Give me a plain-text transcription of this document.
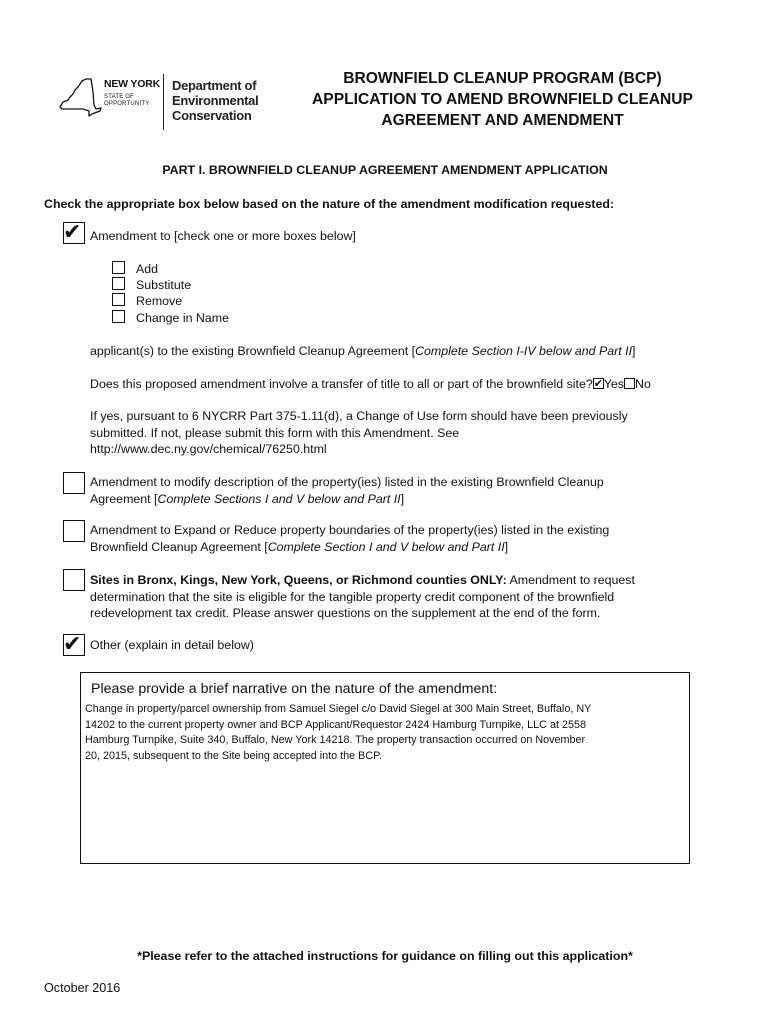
NEW YORK
STATE OF
OPPORTUNITY
Department of
Environmental
Conservation
BROWNFIELD CLEANUP PROGRAM (BCP)
APPLICATION TO AMEND BROWNFIELD CLEANUP
AGREEMENT AND AMENDMENT
PART I. BROWNFIELD CLEANUP AGREEMENT AMENDMENT APPLICATION
Check the appropriate box below based on the nature of the amendment modification requested:
✔ Amendment to [check one or more boxes below]
Add
Substitute
Remove
Change in Name
applicant(s) to the existing Brownfield Cleanup Agreement [Complete Section I-IV below and Part II]
Does this proposed amendment involve a transfer of title to all or part of the brownfield site?✔ Yes No
If yes, pursuant to 6 NYCRR Part 375-1.11(d), a Change of Use form should have been previously
submitted. If not, please submit this form with this Amendment. See
http://www.dec.ny.gov/chemical/76250.html
Amendment to modify description of the property(ies) listed in the existing Brownfield Cleanup
Agreement [Complete Sections I and V below and Part II]
Amendment to Expand or Reduce property boundaries of the property(ies) listed in the existing
Brownfield Cleanup Agreement [Complete Section I and V below and Part II]
Sites in Bronx, Kings, New York, Queens, or Richmond counties ONLY: Amendment to request
determination that the site is eligible for the tangible property credit component of the brownfield
redevelopment tax credit. Please answer questions on the supplement at the end of the form.
✔ Other (explain in detail below)
Please provide a brief narrative on the nature of the amendment:
Change in property/parcel ownership from Samuel Siegel c/o David Siegel at 300 Main Street, Buffalo, NY
14202 to the current property owner and BCP Applicant/Requestor 2424 Hamburg Turnpike, LLC at 2558
Hamburg Turnpike, Suite 340, Buffalo, New York 14218. The property transaction occurred on November
20, 2015, subsequent to the Site being accepted into the BCP.
*Please refer to the attached instructions for guidance on filling out this application*
October 2016
